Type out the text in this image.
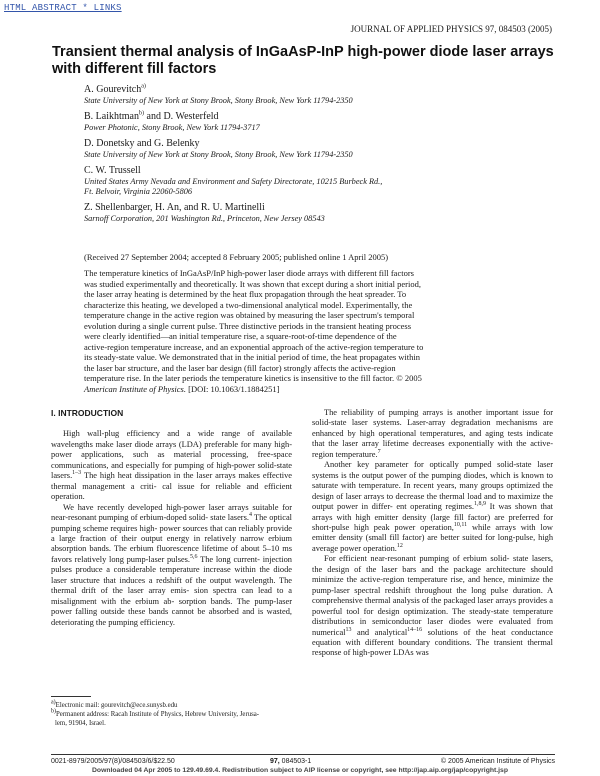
HTML ABSTRACT * LINKS
JOURNAL OF APPLIED PHYSICS 97, 084503 (2005)
Transient thermal analysis of InGaAsP-InP high-power diode laser arrays with different fill factors
A. Gourevitch$^{a)}$
State University of New York at Stony Brook, Stony Brook, New York 11794-2350
B. Laikhtman$^{b)}$ and D. Westerfeld
Power Photonic, Stony Brook, New York 11794-3717
D. Donetsky and G. Belenky
State University of New York at Stony Brook, Stony Brook, New York 11794-2350
C. W. Trussell
United States Army Nevada and Environment and Safety Directorate, 10215 Burbeck Rd.,
Ft. Belvoir, Virginia 22060-5806
Z. Shellenbarger, H. An, and R. U. Martinelli
Sarnoff Corporation, 201 Washington Rd., Princeton, New Jersey 08543
(Received 27 September 2004; accepted 8 February 2005; published online 1 April 2005)
The temperature kinetics of InGaAsP/InP high-power laser diode arrays with different fill factors
was studied experimentally and theoretically. It was shown that except during a short initial period,
the laser array heating is determined by the heat flux propagation through the heat spreader. To
characterize this heating, we developed a two-dimensional analytical model. Experimentally, the
temperature change in the active region was obtained by measuring the laser spectrum's temporal
evolution during a single current pulse. Three distinctive periods in the transient heating process
were clearly identified—an initial temperature rise, a square-root-of-time dependence of the
active-region temperature increase, and an exponential approach of the active-region temperature to
its steady-state value. We demonstrated that in the initial period of time, the heat propagates within
the laser bar structure, and the laser bar design (fill factor) strongly affects the active-region
temperature rise. In the later periods the temperature kinetics is insensitive to the fill factor. © 2005
American Institute of Physics. [DOI: 10.1063/1.1884251]

I. INTRODUCTION

High wall-plug efficiency and a wide range of available wavelengths make laser diode arrays (LDA) preferable for many high-power applications, such as material processing, free-space communications, and especially for pumping of high-power solid-state lasers.$^{1-3}$ The high heat dissipation in the laser arrays makes effective thermal management a criti- cal issue for reliable and efficient operation.

We have recently developed high-power laser arrays suitable for near-resonant pumping of erbium-doped solid- state lasers.$^4$ The optical pumping scheme requires high- power sources that can reliably provide a large fraction of their output energy in relatively narrow erbium absorption bands. The erbium fluorescence lifetime of about 5–10 ms favors relatively long pump-laser pulses.$^{5,6}$ The long current- injection pulses produce a considerable temperature increase within the diode laser structure that induces a redshift of the output wavelength. The thermal drift of the laser array emis- sion spectra can lead to a misalignment with the erbium ab- sorption bands. The pump-laser power falling outside these bands cannot be absorbed and is wasted, deteriorating the pumping efficiency.

The reliability of pumping arrays is another important issue for solid-state laser systems. Laser-array degradation mechanisms are enhanced by high operational temperatures, and aging tests indicate that the laser array lifetime decreases exponentially with the active-region temperature.$^7$

Another key parameter for optically pumped solid-state laser systems is the output power of the pumping diodes, which is known to saturate with temperature. In recent years, many groups optimized the design of laser arrays to decrease the thermal load and to maximize the output power in differ- ent operating regimes.$^{1,8,9}$ It was shown that arrays with high emitter density (large fill factor) are preferred for short-pulse high peak power operation,$^{10,11}$ while arrays with low emitter density (small fill factor) are better suited for long-pulse, high average power operation.$^{12}$

For efficient near-resonant pumping of erbium solid- state lasers, the design of the laser bars and the package architecture should minimize the active-region temperature rise, and hence, minimize the pump-laser spectral redshift throughout the long pulse duration. A comprehensive thermal analysis of the packaged laser arrays provides a powerful tool for design optimization. The steady-state temperature distributions in semiconductor laser diodes were evaluated from numerical$^{13}$ and analytical$^{14-16}$ solutions of the heat conductance equation with different boundary conditions. The transient thermal response of high-power LDAs was

$^{a)}$Electronic mail: gourevitch@ece.sunysb.edu
$^{b)}$Permanent address: Racah Institute of Physics, Hebrew University, Jerusa-
lem, 91904, Israel.
0021-8979/2005/97(8)/084503/6/$22.50	97, 084503-1	© 2005 American Institute of Physics
Downloaded 04 Apr 2005 to 129.49.69.4. Redistribution subject to AIP license or copyright, see http://jap.aip.org/jap/copyright.jsp
